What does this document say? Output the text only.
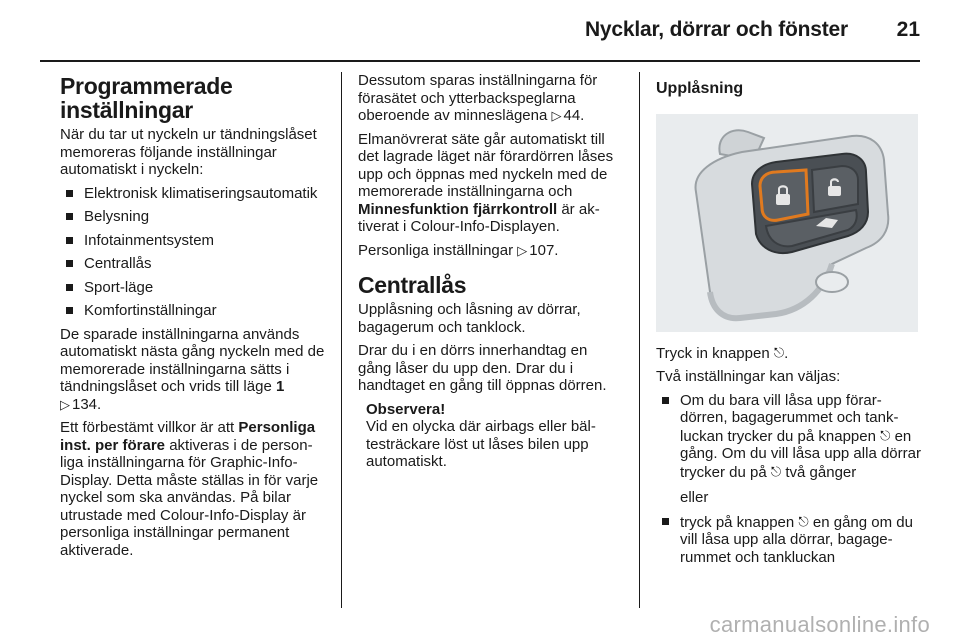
Nycklar, dörrar och fönster 21
Programmerade
inställningar

När du tar ut nyckeln ur tändningslåset memoreras följande inställningar automatiskt i nyckeln:

Elektronisk klimatiseringsautomatik
Belysning
Infotainmentsystem
Centrallås
Sport-läge
Komfortinställningar

De sparade inställningarna används automatiskt nästa gång nyckeln med de memorerade inställningarna sätts i tändningslåset och vrids till läge 1
▷ 134.

Ett förbestämt villkor är att Personliga inst. per förare aktiveras i de personliga inställningarna för Graphic-Info-Display. Detta måste ställas in för varje nyckel som ska användas. På bilar utrustade med Colour-Info-Display är personliga inställningar permanent aktiverade.

Dessutom sparas inställningarna för förasätet och ytterbackspeglarna oberoende av minneslägena ▷ 44.

Elmanövrerat säte går automatiskt till det lagrade läget när förardörren låses upp och öppnas med nyckeln med de memorerade inställningarna och Minnesfunktion fjärrkontroll är aktiverat i Colour-Info-Displayen.

Personliga inställningar ▷ 107.

Centrallås

Upplåsning och låsning av dörrar, bagagerum och tanklock.

Drar du i en dörrs innerhandtag en gång låser du upp den. Drar du i handtaget en gång till öppnas dörren.

Observera!
Vid en olycka där airbags eller bältesträckare löst ut låses bilen upp automatiskt.
Upplåsning

Tryck in knappen ⎋.

Två inställningar kan väljas:

Om du bara vill låsa upp förardörren, bagagerummet och tankluckan trycker du på knappen ⎋ en gång. Om du vill låsa upp alla dörrar trycker du på ⎋ två gånger
eller
tryck på knappen ⎋ en gång om du vill låsa upp alla dörrar, bagagerummet och tankluckan
carmanualsonline.info
